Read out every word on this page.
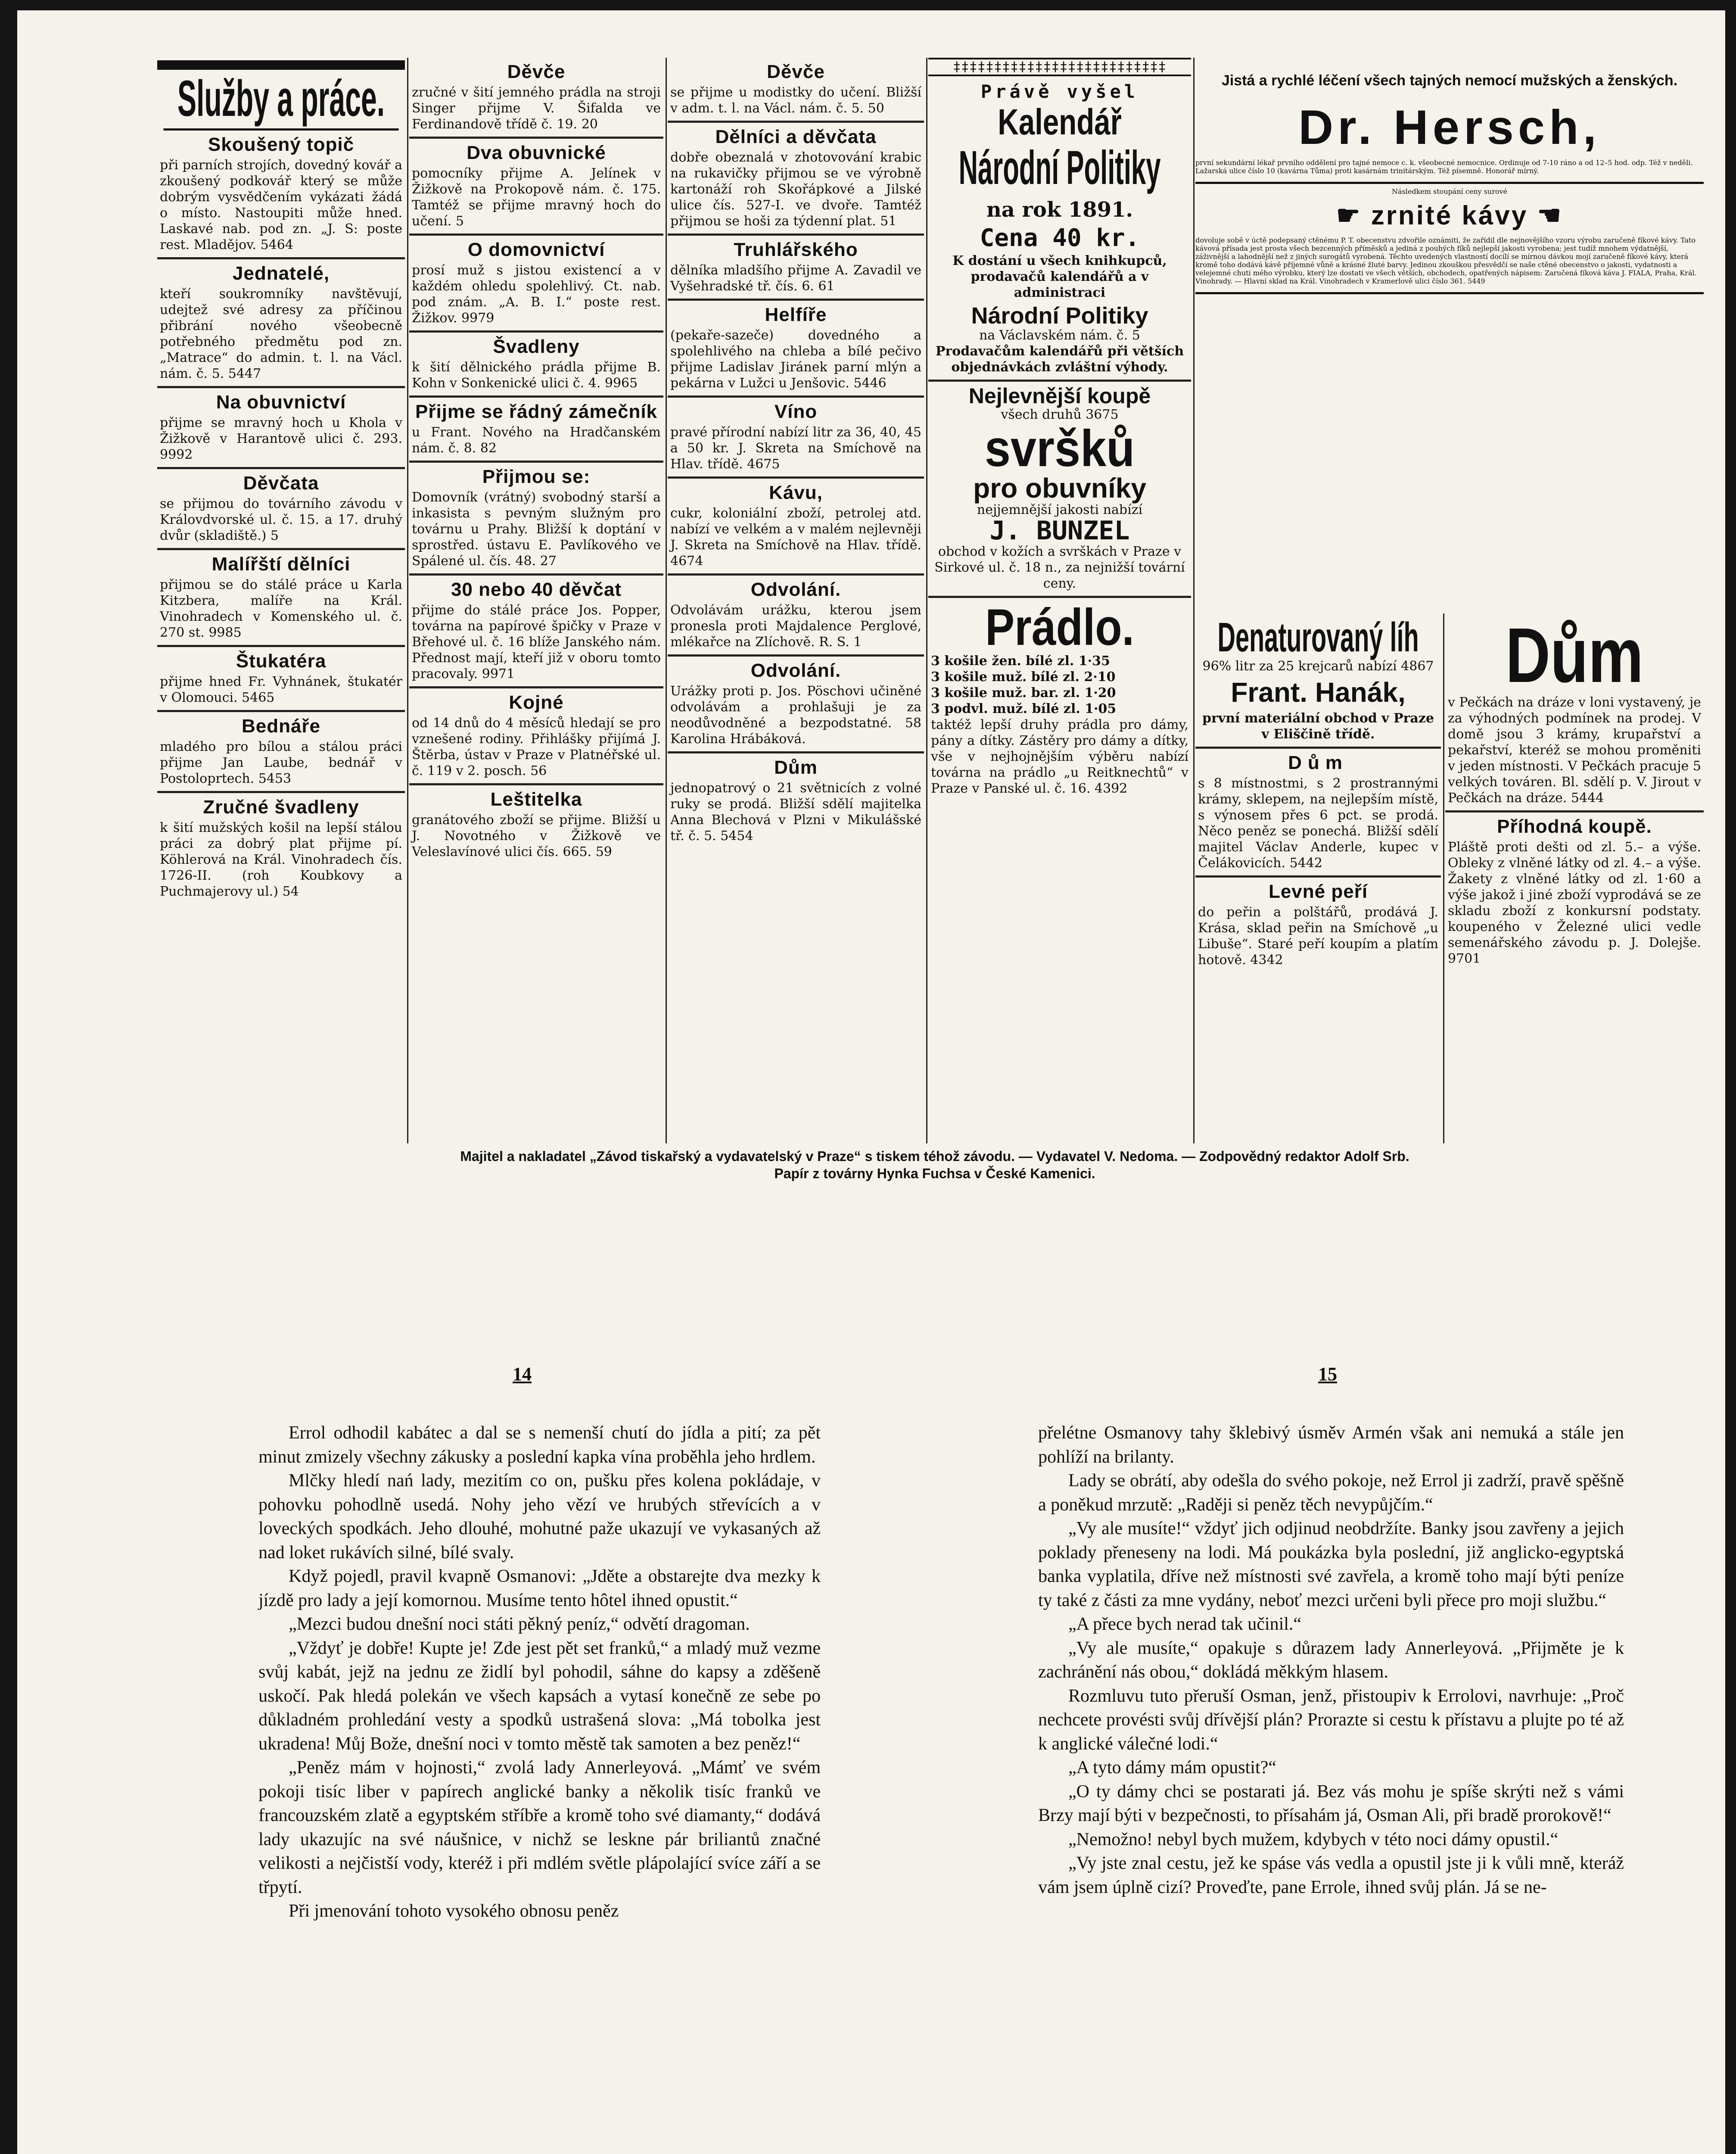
Služby a práce.
Skoušený topič

při parních strojích, dovedný kovář a zkoušený podkovář který se může dobrým vysvědčením vykázati žádá o místo. Nastoupiti může hned. Laskavé nab. pod zn. „J. S: poste rest. Mladějov. 5464

Jednatelé,

kteří soukromníky navštěvují, udejtež své adresy za příčinou přibrání nového všeobecně potřebného předmětu pod zn. „Matrace“ do admin. t. l. na Václ. nám. č. 5. 5447

Na obuvnictví

přijme se mravný hoch u Khola v Žižkově v Harantově ulici č. 293. 9992

Děvčata

se přijmou do továrního závodu v Královdvorské ul. č. 15. a 17. druhý dvůr (skladiště.) 5

Malířští dělníci

přijmou se do stálé práce u Karla Kitzbera, malíře na Král. Vinohradech v Komenského ul. č. 270 st. 9985

Štukatéra

přijme hned Fr. Vyhnánek, štukatér v Olomouci. 5465

Bednáře

mladého pro bílou a stálou práci přijme Jan Laube, bednář v Postoloprtech. 5453

Zručné švadleny

k šití mužských košil na lepší stálou práci za dobrý plat přijme pí. Köhlerová na Král. Vinohradech čís. 1726-II. (roh Koubkovy a Puchmajerovy ul.) 54

Děvče

zručné v šití jemného prádla na stroji Singer přijme V. Šifalda ve Ferdinandově třídě č. 19. 20

Dva obuvnické

pomocníky přijme A. Jelínek v Žižkově na Prokopově nám. č. 175. Tamtéž se přijme mravný hoch do učení. 5

O domovnictví

prosí muž s jistou existencí a v každém ohledu spolehlivý. Ct. nab. pod znám. „A. B. I.“ poste rest. Žižkov. 9979

Švadleny

k šití dělnického prádla přijme B. Kohn v Sonkenické ulici č. 4. 9965

Přijme se řádný zámečník

u Frant. Nového na Hradčanském nám. č. 8. 82

Přijmou se:

Domovník (vrátný) svobodný starší a inkasista s pevným služným pro továrnu u Prahy. Bližší k doptání v sprostřed. ústavu E. Pavlíkového ve Spálené ul. čís. 48. 27

30 nebo 40 děvčat

přijme do stálé práce Jos. Popper, továrna na papírové špičky v Praze v Břehové ul. č. 16 blíže Janského nám. Přednost mají, kteří již v oboru tomto pracovaly. 9971

Kojné

od 14 dnů do 4 měsíců hledají se pro vznešené rodiny. Přihlášky přijímá J. Štěrba, ústav v Praze v Platnéřské ul. č. 119 v 2. posch. 56

Leštitelka

granátového zboží se přijme. Bližší u J. Novotného v Žižkově ve Veleslavínové ulici čís. 665. 59

Děvče

se přijme u modistky do učení. Bližší v adm. t. l. na Václ. nám. č. 5. 50

Dělníci a děvčata

dobře obeznalá v zhotovování krabic na rukavičky přijmou se ve výrobně kartonáží roh Skořápkové a Jilské ulice čís. 527-I. ve dvoře. Tamtéž přijmou se hoši za týdenní plat. 51

Truhlářského

dělníka mladšího přijme A. Zavadil ve Vyšehradské tř. čís. 6. 61

Helfíře

(pekaře-sazeče) dovedného a spolehlivého na chleba a bílé pečivo přijme Ladislav Jiránek parní mlýn a pekárna v Lužci u Jenšovic. 5446

Víno

pravé přírodní nabízí litr za 36, 40, 45 a 50 kr. J. Skreta na Smíchově na Hlav. třídě. 4675

Kávu,

cukr, koloniální zboží, petrolej atd. nabízí ve velkém a v malém nejlevněji J. Skreta na Smíchově na Hlav. třídě. 4674

Odvolání.

Odvolávám urážku, kterou jsem pronesla proti Majdalence Perglové, mlékařce na Zlíchově. R. S. 1

Odvolání.

Urážky proti p. Jos. Pöschovi učiněné odvolávám a prohlašuji je za neodůvodněné a bezpodstatné. 58 Karolina Hrábáková.

Dům

jednopatrový o 21 světnicích z volné ruky se prodá. Bližší sdělí majitelka Anna Blechová v Plzni v Mikulášské tř. č. 5. 5454

‡‡‡‡‡‡‡‡‡‡‡‡‡‡‡‡‡‡‡‡‡‡‡‡‡‡

Právě vyšel

Kalendář
Národní Politiky

na rok 1891.

Cena 40 kr.

K dostání u všech knihkupců, prodavačů kalendářů a v administraci

Národní Politiky

na Václavském nám. č. 5

Prodavačům kalendářů při větších objednávkách zvláštní výhody.

Nejlevnější koupě

všech druhů 3675

svršků
pro obuvníky

nejjemnější jakosti nabízí

J. BUNZEL

obchod v kožích a svrškách v Praze v Sirkové ul. č. 18 n., za nejnižší tovární ceny.

Prádlo.

3 košile žen. bílé zl. 1·35

3 košile muž. bílé zl. 2·10

3 košile muž. bar. zl. 1·20

3 podvl. muž. bílé zl. 1·05

taktéž lepší druhy prádla pro dámy, pány a dítky. Zástěry pro dámy a dítky, vše v nejhojnějším výběru nabízí továrna na prádlo „u Reitknechtů“ v Praze v Panské ul. č. 16. 4392

Jistá a rychlé léčení všech tajných nemocí mužských a ženských.

Dr. Hersch,

první sekundární lékař prvního oddělení pro tajné nemoce c. k. všeobecné nemocnice. Ordinuje od 7-10 ráno a od 12–5 hod. odp. Též v neděli. Lažarská ulice číslo 10 (kavárna Tůma) proti kasárnám trinitárským. Též písemně. Honorář mírný.

Následkem stoupání ceny surové

☛ zrnité kávy ☚

dovoluje sobě v úctě podepsaný ctěnému P. T. obecenstvu zdvořile oznámiti, že zařídil dle nejnovějšího vzoru výrobu zaručeně fíkové kávy. Tato kávová přísada jest prosta všech bezcenných příměsků a jediná z pouhých fíků nejlepší jakosti vyrobena; jest tudíž mnohem výdatnější, záživnější a lahodnější než z jiných surogátů vyrobená. Těchto uvedených vlastností docílí se mírnou dávkou mojí zaručeně fíkové kávy, která kromě toho dodává kávě příjemné vůně a krásné žluté barvy. Jedinou zkouškou přesvědčí se naše ctěné obecenstvo o jakosti, vydatnosti a velejemné chuti mého výrobku, který lze dostati ve všech větších, obchodech, opatřených nápisem: Zaručená fíková káva J. FIALA, Praha, Král. Vinohrady. — Hlavní sklad na Král. Vinohradech v Kramerlově ulici číslo 361. 5449

Denaturovaný líh

96% litr za 25 krejcarů nabízí 4867

Frant. Hanák,

první materiální obchod v Praze v Eliščině třídě.

Dům

s 8 místnostmi, s 2 prostrannými krámy, sklepem, na nejlepším místě, s výnosem přes 6 pct. se prodá. Něco peněz se ponechá. Bližší sdělí majitel Václav Anderle, kupec v Čelákovicích. 5442

Levné peří

do peřin a polštářů, prodává J. Krása, sklad peřin na Smíchově „u Libuše“. Staré peří koupím a platím hotově. 4342

Dům

v Pečkách na dráze v loni vystavený, je za výhodných podmínek na prodej. V domě jsou 3 krámy, krupařství a pekařství, kteréž se mohou proměniti v jeden místnosti. V Pečkách pracuje 5 velkých továren. Bl. sdělí p. V. Jirout v Pečkách na dráze. 5444

Příhodná koupě.

Pláště proti dešti od zl. 5.– a výše. Obleky z vlněné látky od zl. 4.– a výše. Žakety z vlněné látky od zl. 1·60 a výše jakož i jiné zboží vyprodává se ze skladu zboží z konkursní podstaty. koupeného v Železné ulici vedle semenářského závodu p. J. Dolejše. 9701

Majitel a nakladatel „Závod tiskařský a vydavatelský v Praze“ s tiskem téhož závodu. — Vydavatel V. Nedoma. — Zodpovědný redaktor Adolf Srb.
Papír z továrny Hynka Fuchsa v České Kamenici.
14	15

Errol odhodil kabátec a dal se s nemenší chutí do jídla a pití; za pět minut zmizely všechny zákusky a poslední kapka vína proběhla jeho hrdlem.

Mlčky hledí nań lady, mezitím co on, pušku přes kolena pokládaje, v pohovku pohodlně usedá. Nohy jeho vězí ve hrubých střevících a v loveckých spodkách. Jeho dlouhé, mohutné paže ukazují ve vykasaných až nad loket rukávích silné, bílé svaly.

Když pojedl, pravil kvapně Osmanovi: „Jděte a obstarejte dva mezky k jízdě pro lady a její komornou. Musíme tento hôtel ihned opustit.“

„Mezci budou dnešní noci státi pěkný peníz,“ odvětí dragoman.

„Vždyť je dobře! Kupte je! Zde jest pět set franků,“ a mladý muž vezme svůj kabát, jejž na jednu ze židlí byl pohodil, sáhne do kapsy a zděšeně uskočí. Pak hledá polekán ve všech kapsách a vytasí konečně ze sebe po důkladném prohledání vesty a spodků ustrašená slova: „Má tobolka jest ukradena! Můj Bože, dnešní noci v tomto městě tak samoten a bez peněz!“

„Peněz mám v hojnosti,“ zvolá lady Annerleyová. „Mámť ve svém pokoji tisíc liber v papírech anglické banky a několik tisíc franků ve francouzském zlatě a egyptském stříbře a kromě toho své diamanty,“ dodává lady ukazujíc na své náušnice, v nichž se leskne pár briliantů značné velikosti a nejčistší vody, kteréž i při mdlém světle plápolající svíce září a se třpytí.

Při jmenování tohoto vysokého obnosu peněz

přelétne Osmanovy tahy šklebivý úsměv Armén však ani nemuká a stále jen pohlíží na brilanty.

Lady se obrátí, aby odešla do svého pokoje, než Errol ji zadrží, pravě spěšně a poněkud mrzutě: „Raději si peněz těch nevypůjčím.“

„Vy ale musíte!“ vždyť jich odjinud neobdržíte. Banky jsou zavřeny a jejich poklady přeneseny na lodi. Má poukázka byla poslední, již anglicko-egyptská banka vyplatila, dříve než místnosti své zavřela, a kromě toho mají býti peníze ty také z části za mne vydány, neboť mezci určeni byli přece pro moji službu.“

„A přece bych nerad tak učinil.“

„Vy ale musíte,“ opakuje s důrazem lady Annerleyová. „Přijměte je k zachránění nás obou,“ dokládá měkkým hlasem.

Rozmluvu tuto přeruší Osman, jenž, přistoupiv k Errolovi, navrhuje: „Proč nechcete provésti svůj dřívější plán? Prorazte si cestu k přístavu a plujte po té až k anglické válečné lodi.“

„A tyto dámy mám opustit?“

„O ty dámy chci se postarati já. Bez vás mohu je spíše skrýti než s vámi Brzy mají býti v bezpečnosti, to přísahám já, Osman Ali, při bradě prorokově!“

„Nemožno! nebyl bych mužem, kdybych v této noci dámy opustil.“

„Vy jste znal cestu, jež ke spáse vás vedla a opustil jste ji k vůli mně, kteráž vám jsem úplně cizí? Proveďte, pane Errole, ihned svůj plán. Já se ne-
